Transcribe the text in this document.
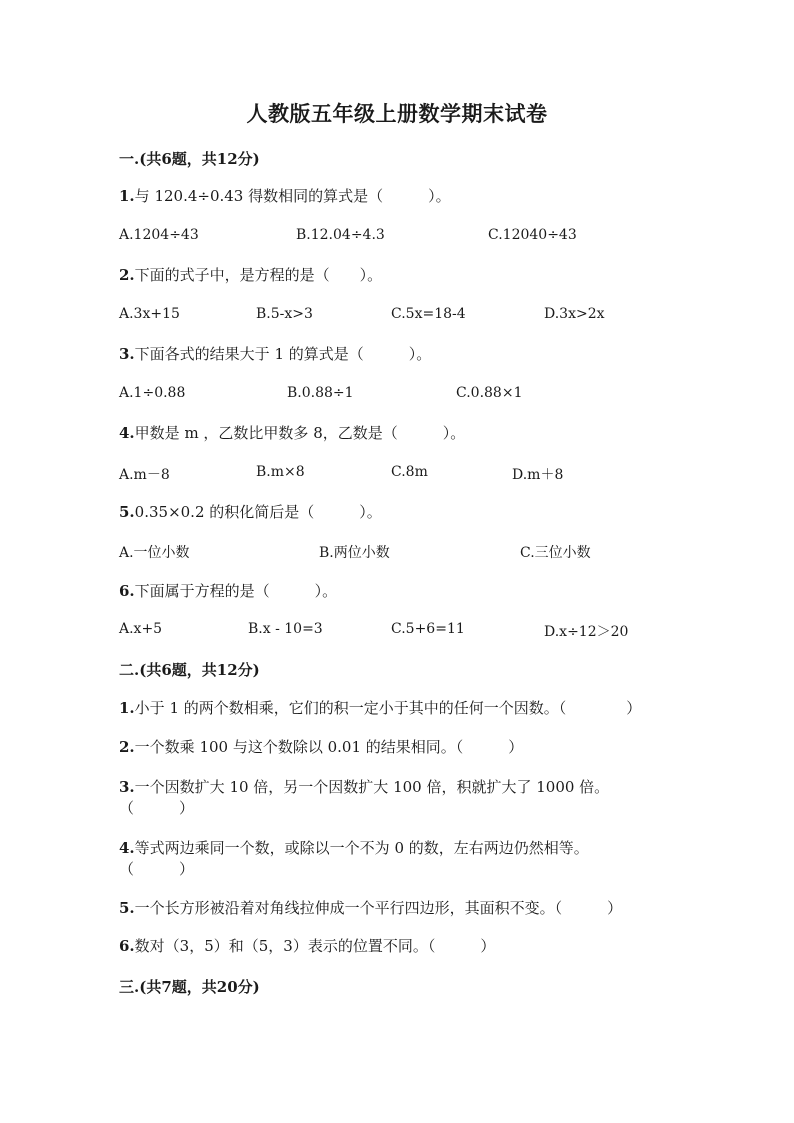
人教版五年级上册数学期末试卷
一.(共6题，共12分)
1.与 120.4÷0.43 得数相同的算式是（　　　）。
A.1204÷43	B.12.04÷4.3	C.12040÷43
2.下面的式子中，是方程的是（　　）。
A.3x+15	B.5-x>3	C.5x=18-4	D.3x>2x
3.下面各式的结果大于 1 的算式是（　　　）。
A.1÷0.88	B.0.88÷1	C.0.88×1
4.甲数是 m ，乙数比甲数多 8，乙数是（　　　）。
A.m－8	B.m×8	C.8m	D.m＋8
5.0.35×0.2 的积化简后是（　　　）。
A.一位小数	B.两位小数	C.三位小数
6.下面属于方程的是（　　　）。
A.x+5	B.x - 10=3	C.5+6=11	D.x÷12＞20
二.(共6题，共12分)
1.小于 1 的两个数相乘，它们的积一定小于其中的任何一个因数。（　　　　）
2.一个数乘 100 与这个数除以 0.01 的结果相同。（　　　）
3.一个因数扩大 10 倍，另一个因数扩大 100 倍，积就扩大了 1000 倍。
（　　　）
4.等式两边乘同一个数，或除以一个不为 0 的数，左右两边仍然相等。
（　　　）
5.一个长方形被沿着对角线拉伸成一个平行四边形，其面积不变。（　　　）
6.数对（3，5）和（5，3）表示的位置不同。（　　　）
三.(共7题，共20分)
